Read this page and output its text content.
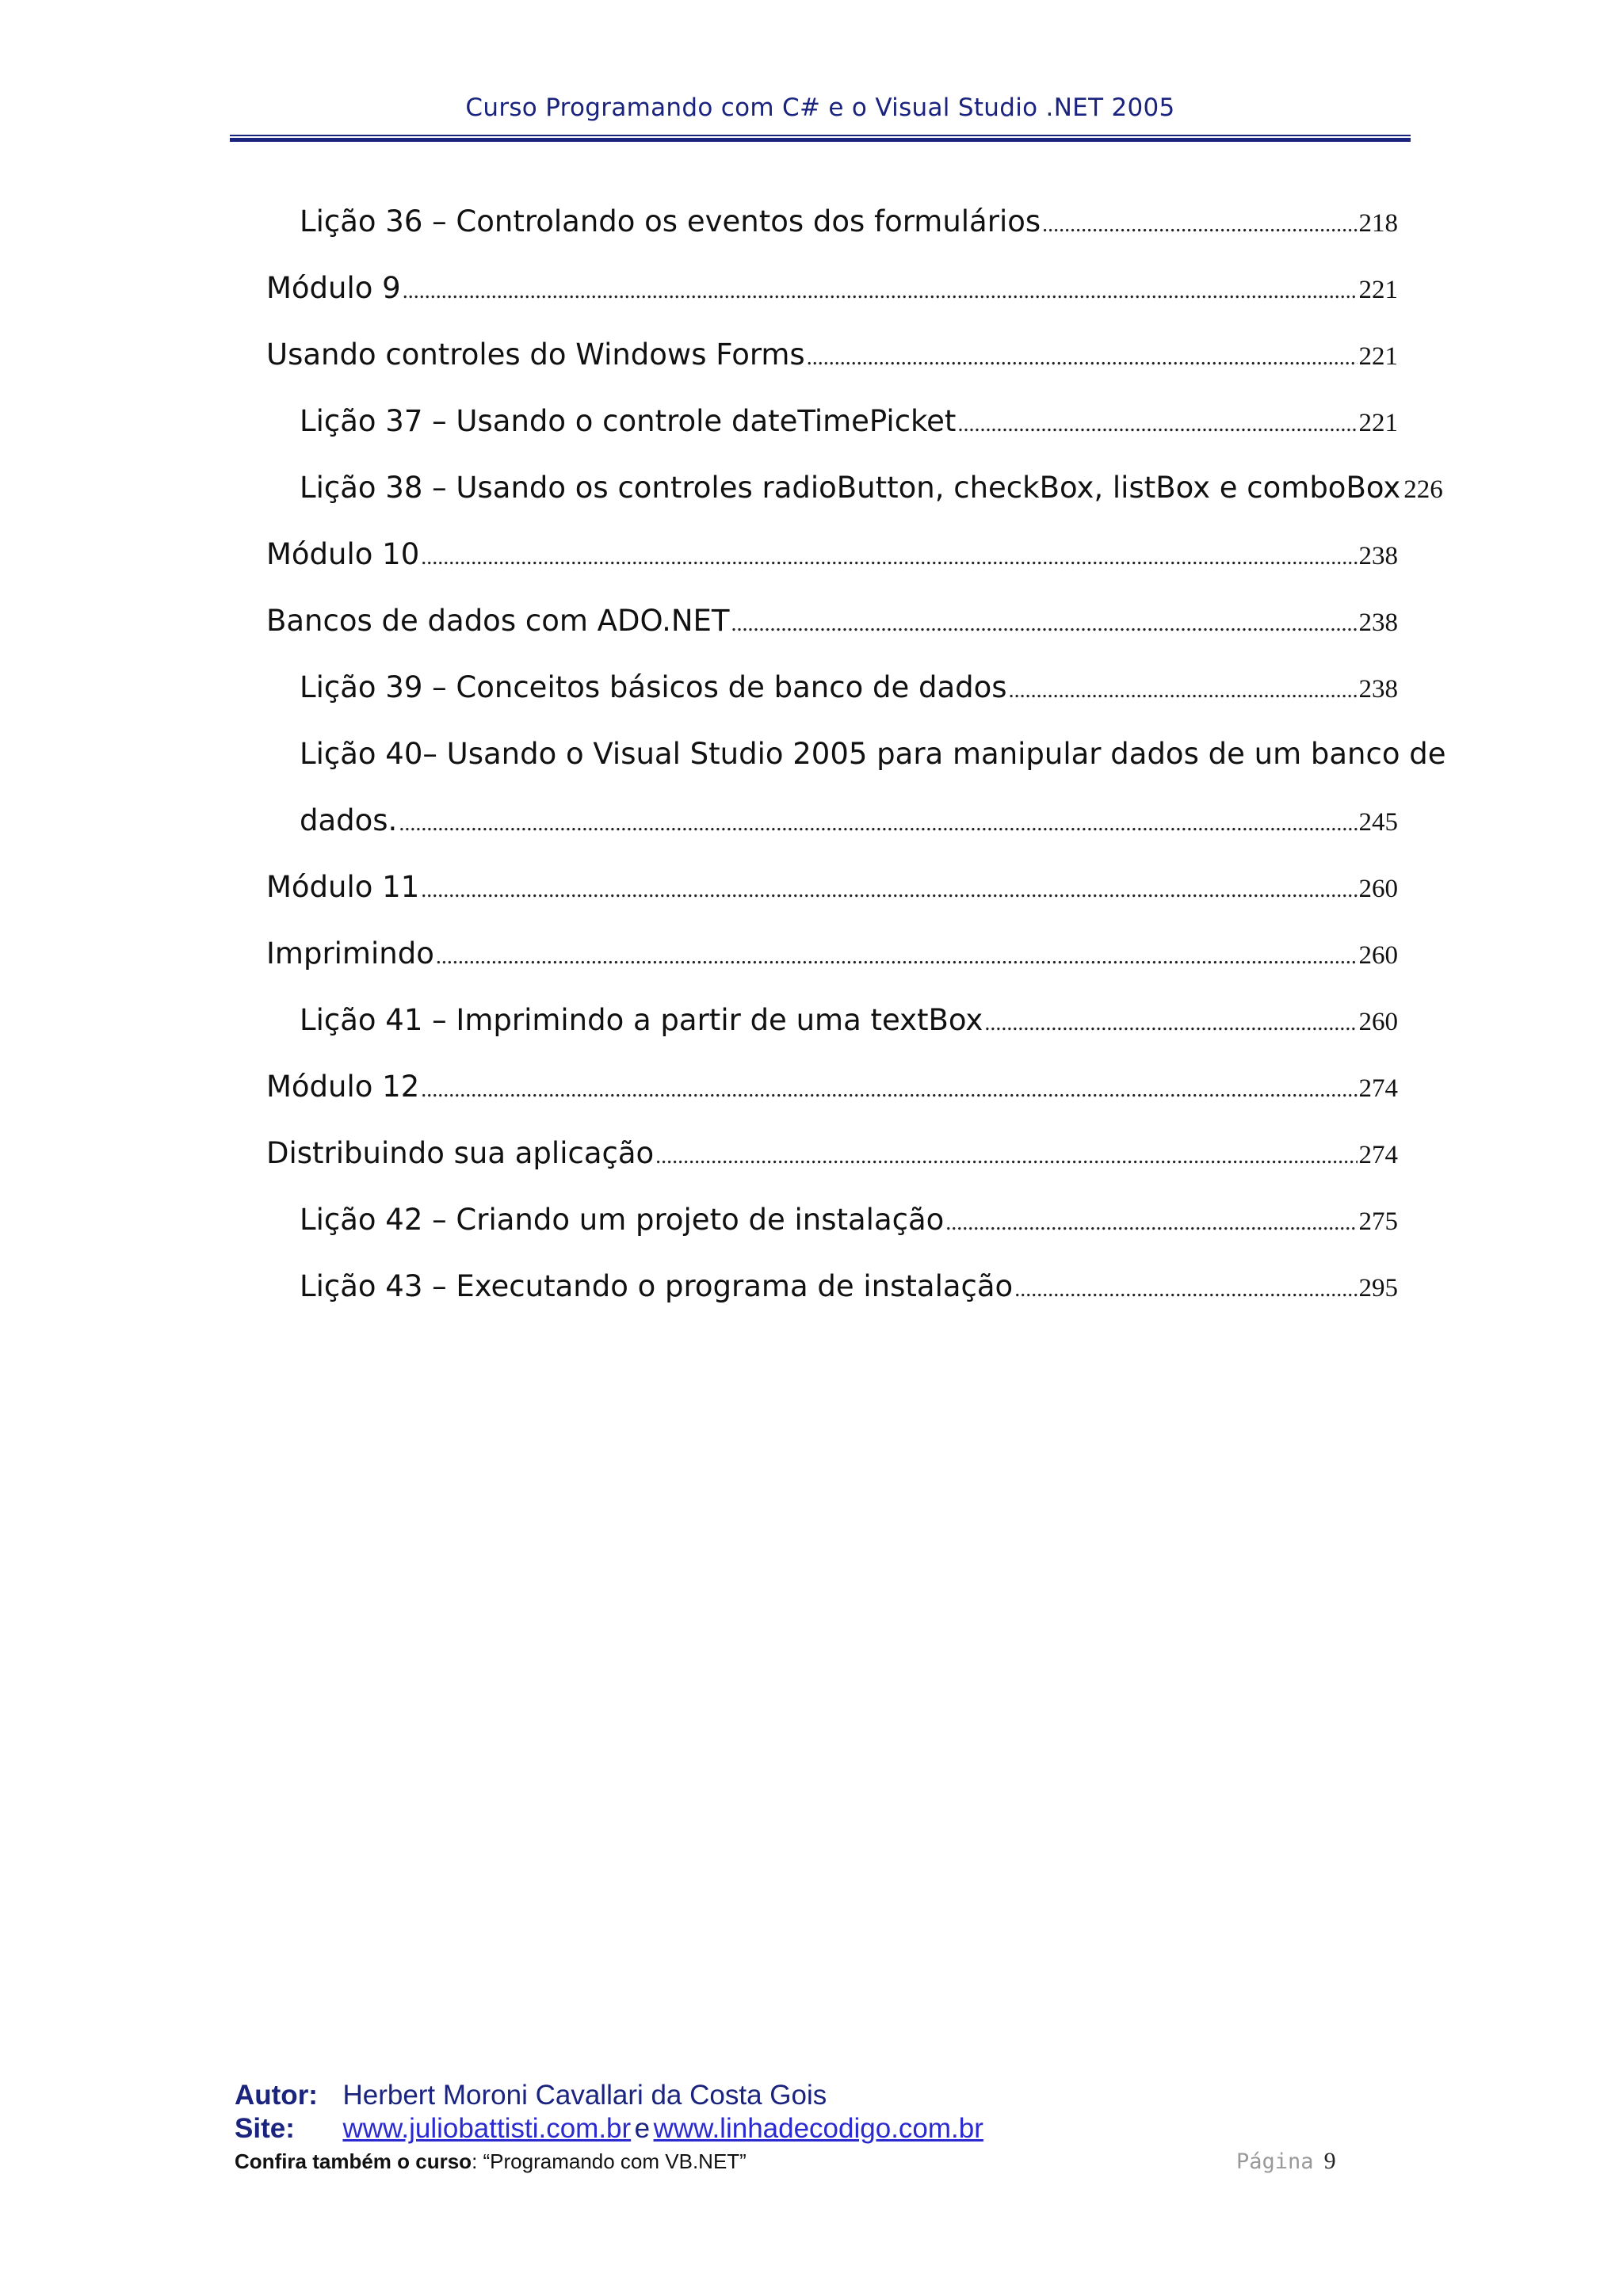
Curso Programando com C# e o Visual Studio .NET 2005
Lição 36 – Controlando os eventos dos formulários .....	218
Módulo 9 .....	221
Usando controles do Windows Forms .....	221
Lição 37 – Usando o controle dateTimePicket .....	221
Lição 38 – Usando os controles radioButton, checkBox, listBox e comboBox 226
Módulo 10 .....	238
Bancos de dados com ADO.NET .....	238
Lição 39 – Conceitos básicos de banco de dados .....	238
Lição 40– Usando o Visual Studio 2005 para manipular dados de um banco de
dados. .....	245
Módulo 11 .....	260
Imprimindo .....	260
Lição 41 – Imprimindo a partir de uma textBox .....	260
Módulo 12 .....	274
Distribuindo sua aplicação .....	274
Lição 42 – Criando um projeto de instalação .....	275
Lição 43 – Executando o programa de instalação .....	295
Autor: Herbert Moroni Cavallari da Costa Gois
Site: www.juliobattisti.com.br e www.linhadecodigo.com.br
Confira também o curso: “Programando com VB.NET”	Página 9
